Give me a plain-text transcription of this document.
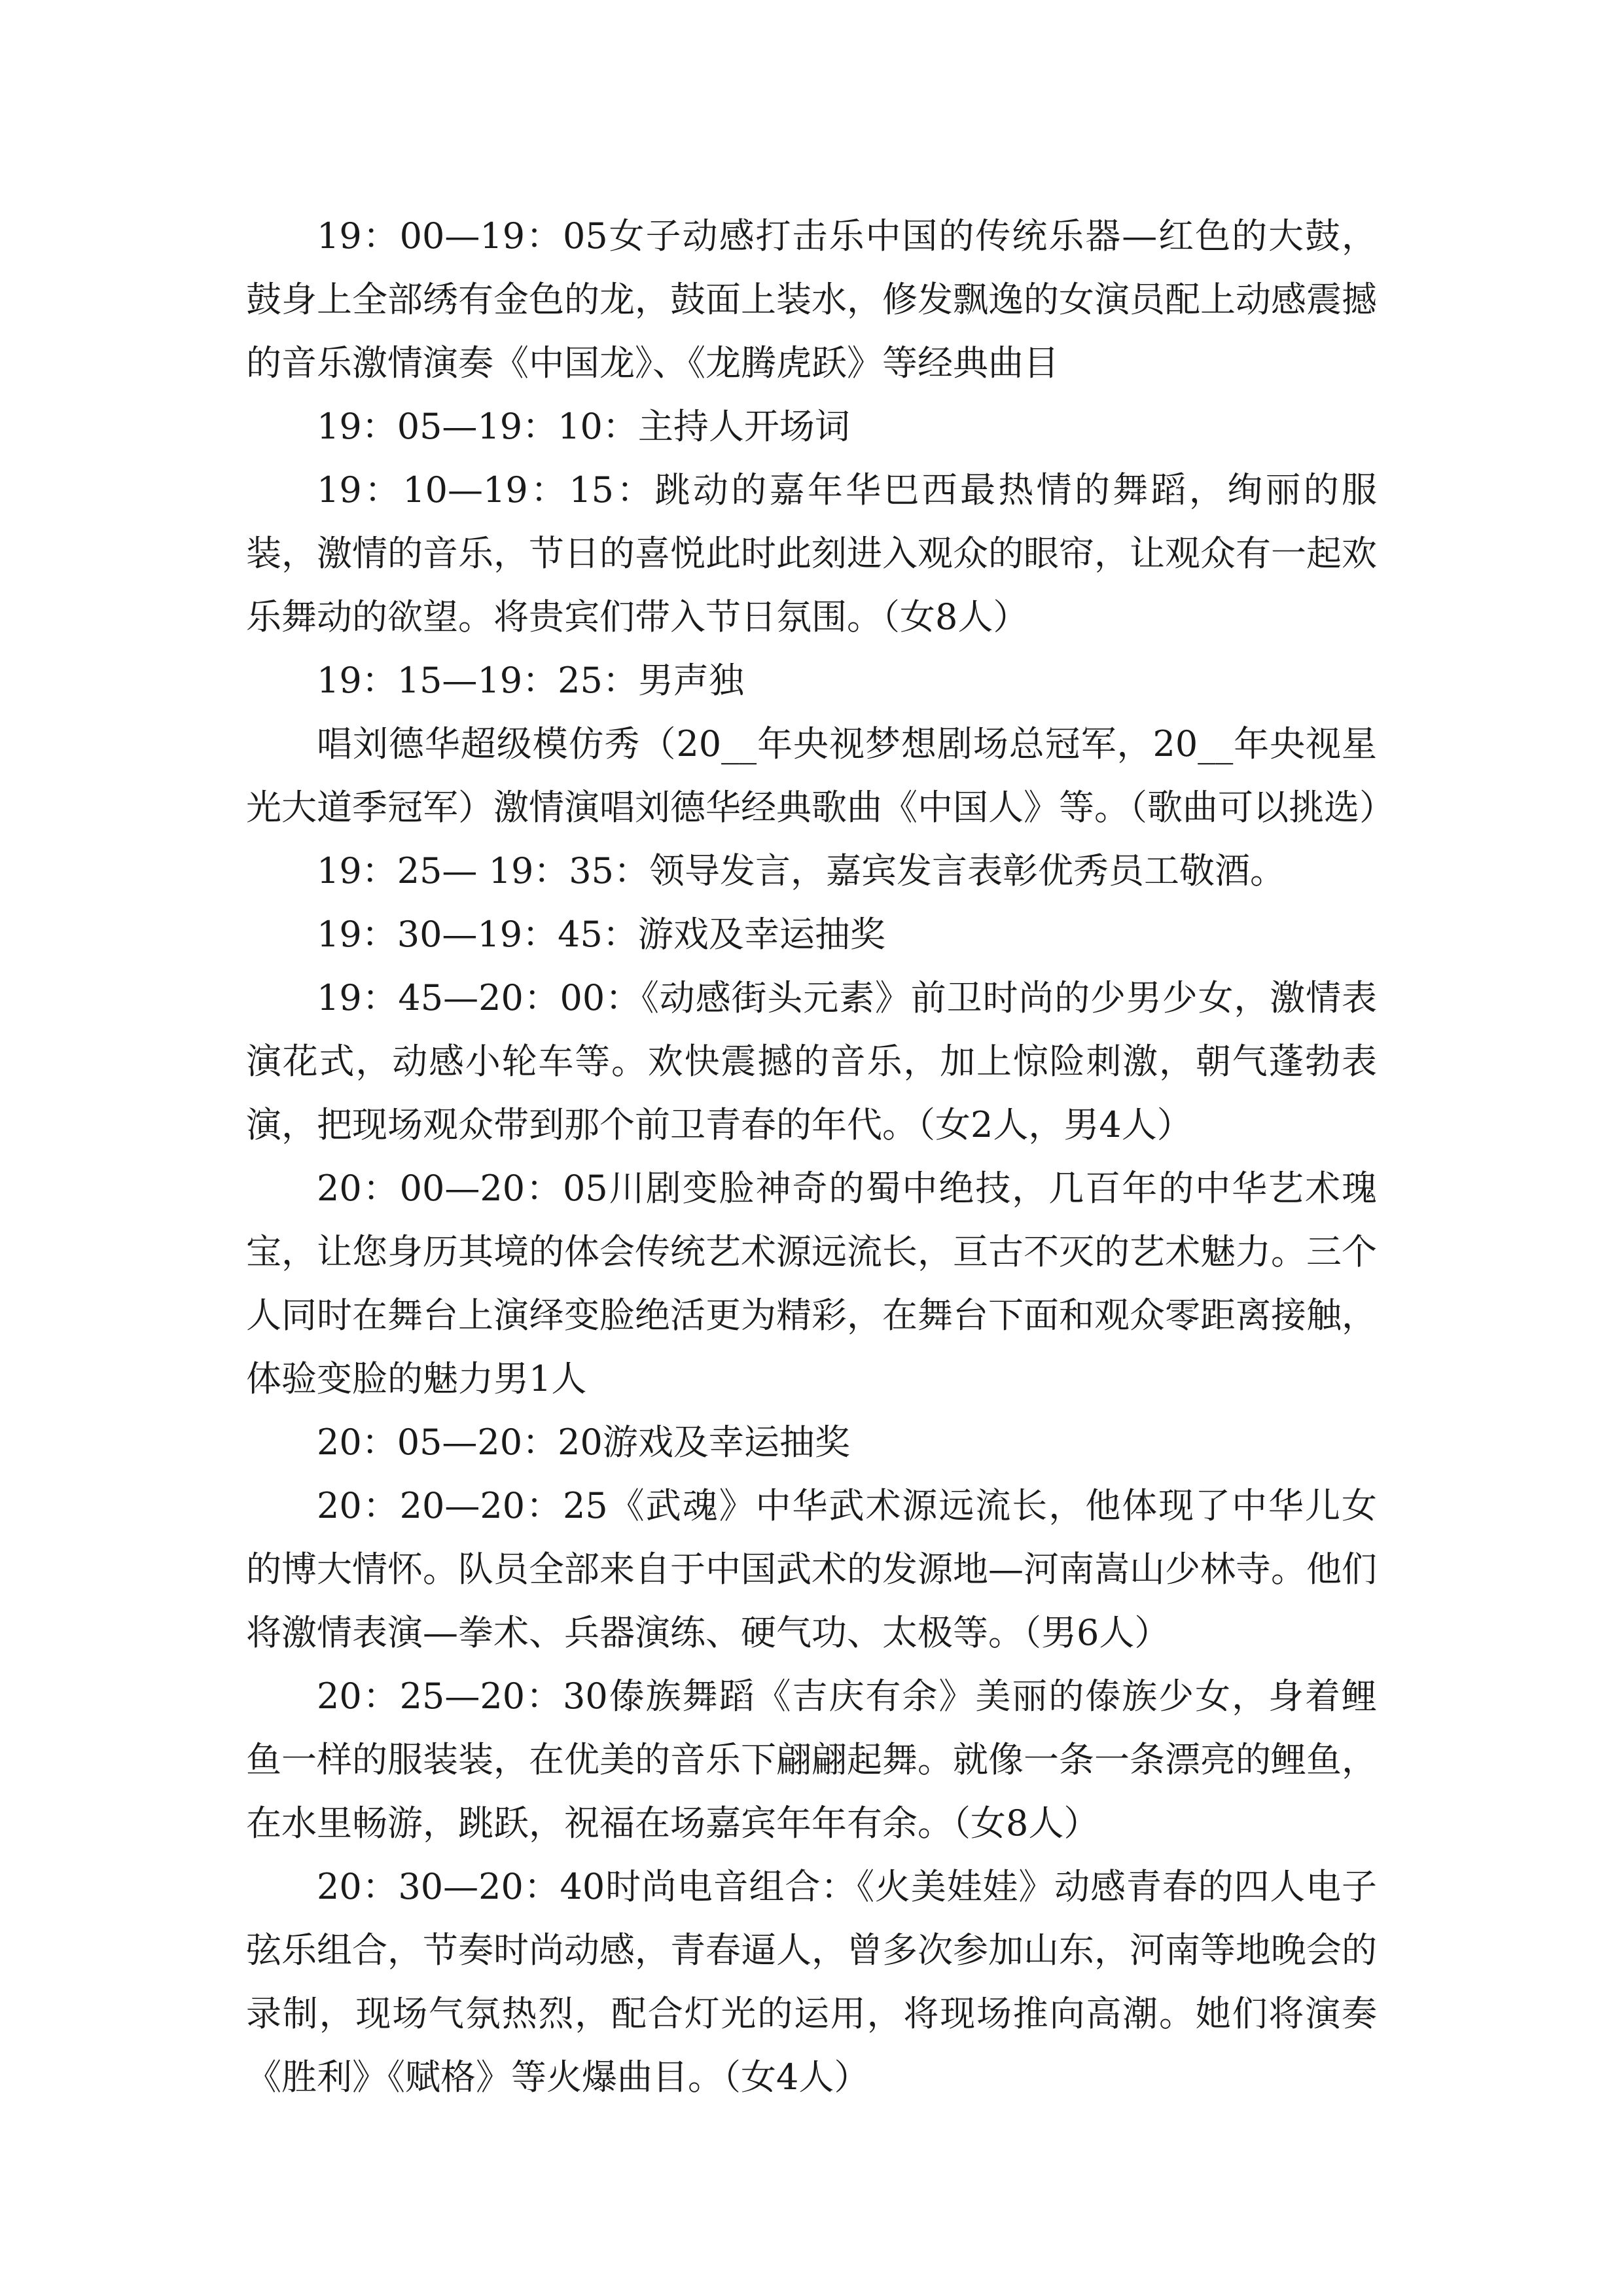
19：00—19：05女子动感打击乐中国的传统乐器—红色的大鼓，鼓身上全部绣有金色的龙，鼓面上装水，修发飘逸的女演员配上动感震撼的音乐激情演奏《中国龙》、《龙腾虎跃》等经典曲目

19：05—19：10：主持人开场词

19：10—19：15：跳动的嘉年华巴西最热情的舞蹈，绚丽的服装，激情的音乐，节日的喜悦此时此刻进入观众的眼帘，让观众有一起欢乐舞动的欲望。将贵宾们带入节日氛围。（女8人）

19：15—19：25：男声独

唱刘德华超级模仿秀（20__年央视梦想剧场总冠军，20__年央视星光大道季冠军）激情演唱刘德华经典歌曲《中国人》等。（歌曲可以挑选）

19：25— 19：35：领导发言，嘉宾发言表彰优秀员工敬酒。

19：30—19：45：游戏及幸运抽奖

19：45—20：00：《动感街头元素》前卫时尚的少男少女，激情表演花式，动感小轮车等。欢快震撼的音乐，加上惊险刺激，朝气蓬勃表演，把现场观众带到那个前卫青春的年代。（女2人，男4人）

20：00—20：05川剧变脸神奇的蜀中绝技，几百年的中华艺术瑰宝，让您身历其境的体会传统艺术源远流长，亘古不灭的艺术魅力。三个人同时在舞台上演绎变脸绝活更为精彩，在舞台下面和观众零距离接触，体验变脸的魅力男1人

20：05—20：20游戏及幸运抽奖

20：20—20：25《武魂》中华武术源远流长，他体现了中华儿女的博大情怀。队员全部来自于中国武术的发源地—河南嵩山少林寺。他们将激情表演—拳术、兵器演练、硬气功、太极等。（男6人）

20：25—20：30傣族舞蹈《吉庆有余》美丽的傣族少女，身着鲤鱼一样的服装装，在优美的音乐下翩翩起舞。就像一条一条漂亮的鲤鱼，在水里畅游，跳跃，祝福在场嘉宾年年有余。（女8人）

20：30—20：40时尚电音组合：《火美娃娃》动感青春的四人电子弦乐组合，节奏时尚动感，青春逼人，曾多次参加山东，河南等地晚会的录制，现场气氛热烈，配合灯光的运用，将现场推向高潮。她们将演奏《胜利》《赋格》等火爆曲目。（女4人）
